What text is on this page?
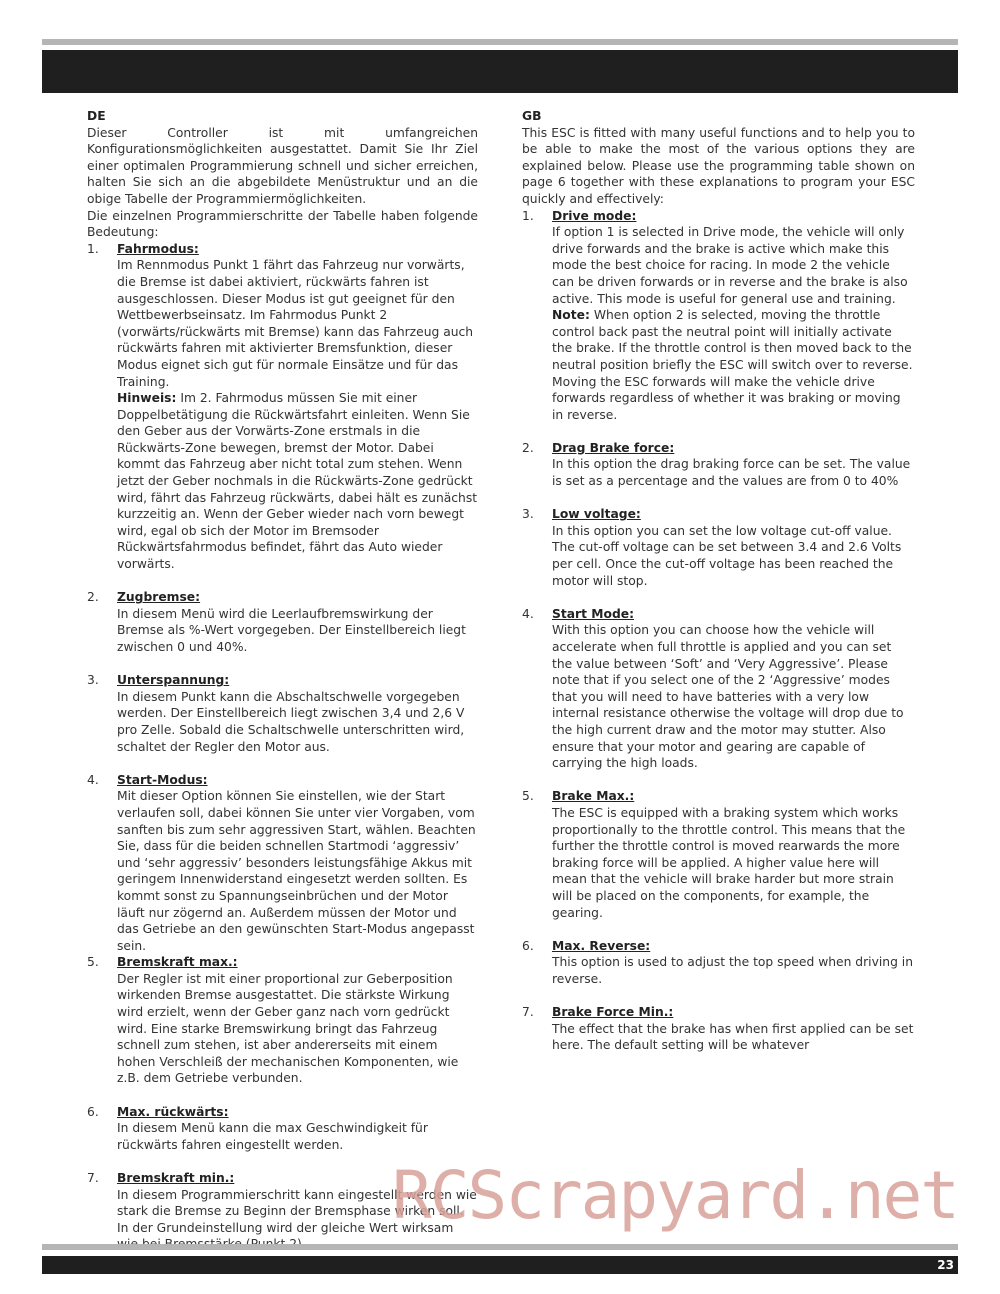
DE

Dieser Controller ist mit umfangreichen Konfigurationsmöglichkeiten ausgestattet. Damit Sie Ihr Ziel einer optimalen Programmierung schnell und sicher erreichen, halten Sie sich an die abgebildete Menüstruktur und an die obige Tabelle der Programmiermöglichkeiten.

Die einzelnen Programmierschritte der Tabelle haben folgende Bedeutung:

1.	Fahrmodus:

Im Rennmodus Punkt 1 fährt das Fahrzeug nur vorwärts, die Bremse ist dabei aktiviert, rückwärts fahren ist ausgeschlossen. Dieser Modus ist gut geeignet für den Wettbewerbseinsatz. Im Fahrmodus Punkt 2 (vorwärts/rückwärts mit Bremse) kann das Fahrzeug auch rückwärts fahren mit aktivierter Bremsfunktion, dieser Modus eignet sich gut für normale Einsätze und für das Training.

Hinweis: Im 2. Fahrmodus müssen Sie mit einer Doppelbetätigung die Rückwärtsfahrt einleiten. Wenn Sie den Geber aus der Vorwärts-Zone erstmals in die Rückwärts-Zone bewegen, bremst der Motor. Dabei kommt das Fahrzeug aber nicht total zum stehen. Wenn jetzt der Geber nochmals in die Rückwärts-Zone gedrückt wird, fährt das Fahrzeug rückwärts, dabei hält es zunächst kurzzeitig an. Wenn der Geber wieder nach vorn bewegt wird, egal ob sich der Motor im Bremsoder Rückwärtsfahrmodus befindet, fährt das Auto wieder vorwärts.

2.	Zugbremse:

In diesem Menü wird die Leerlaufbremswirkung der Bremse als %-Wert vorgegeben. Der Einstellbereich liegt zwischen 0 und 40%.

3.	Unterspannung:

In diesem Punkt kann die Abschaltschwelle vorgegeben werden. Der Einstellbereich liegt zwischen 3,4 und 2,6 V pro Zelle. Sobald die Schaltschwelle unterschritten wird, schaltet der Regler den Motor aus.

4.	Start-Modus:

Mit dieser Option können Sie einstellen, wie der Start verlaufen soll, dabei können Sie unter vier Vorgaben, vom sanften bis zum sehr aggressiven Start, wählen. Beachten Sie, dass für die beiden schnellen Startmodi ‘aggressiv’ und ‘sehr aggressiv’ besonders leistungsfähige Akkus mit geringem Innenwiderstand eingesetzt werden sollten. Es kommt sonst zu Spannungseinbrüchen und der Motor läuft nur zögernd an. Außerdem müssen der Motor und das Getriebe an den gewünschten Start-Modus angepasst sein.

5.	Bremskraft max.:

Der Regler ist mit einer proportional zur Geberposition wirkenden Bremse ausgestattet. Die stärkste Wirkung wird erzielt, wenn der Geber ganz nach vorn gedrückt wird. Eine starke Bremswirkung bringt das Fahrzeug schnell zum stehen, ist aber andererseits mit einem hohen Verschleiß der mechanischen Komponenten, wie z.B. dem Getriebe verbunden.

6.	Max. rückwärts:

In diesem Menü kann die max Geschwindigkeit für rückwärts fahren eingestellt werden.

7.	Bremskraft min.:

In diesem Programmierschritt kann eingestellt werden wie stark die Bremse zu Beginn der Bremsphase wirken soll. In der Grundeinstellung wird der gleiche Wert wirksam

GB

This ESC is fitted with many useful functions and to help you to be able to make the most of the various options they are explained below. Please use the programming table shown on page 6 together with these explanations to program your ESC quickly and effectively:

1.	Drive mode:

If option 1 is selected in Drive mode, the vehicle will only drive forwards and the brake is active which make this mode the best choice for racing. In mode 2 the vehicle can be driven forwards or in reverse and the brake is also active. This mode is useful for general use and training.

Note: When option 2 is selected, moving the throttle control back past the neutral point will initially activate the brake. If the throttle control is then moved back to the neutral position briefly the ESC will switch over to reverse. Moving the ESC forwards will make the vehicle drive forwards regardless of whether it was braking or moving in reverse.

2.	Drag Brake force:

In this option the drag braking force can be set. The value is set as a percentage and the values are from 0 to 40%

3.	Low voltage:

In this option you can set the low voltage cut-off value. The cut-off voltage can be set between 3.4 and 2.6 Volts per cell. Once the cut-off voltage has been reached the motor will stop.

4.	Start Mode:

With this option you can choose how the vehicle will accelerate when full throttle is applied and you can set the value between ‘Soft’ and ‘Very Aggressive’. Please note that if you select one of the 2 ‘Aggressive’ modes that you will need to have batteries with a very low internal resistance otherwise the voltage will drop due to the high current draw and the motor may stutter. Also ensure that your motor and gearing are capable of carrying the high loads.

5.	Brake Max.:

The ESC is equipped with a braking system which works proportionally to the throttle control. This means that the further the throttle control is moved rearwards the more braking force will be applied. A higher value here will mean that the vehicle will brake harder but more strain will be placed on the components, for example, the gearing.

6.	Max. Reverse:

This option is used to adjust the top speed when driving in reverse.

7.	Brake Force Min.:

The effect that the brake has when first applied can be set here. The default setting will be whatever

RCScrapyard.net
23
